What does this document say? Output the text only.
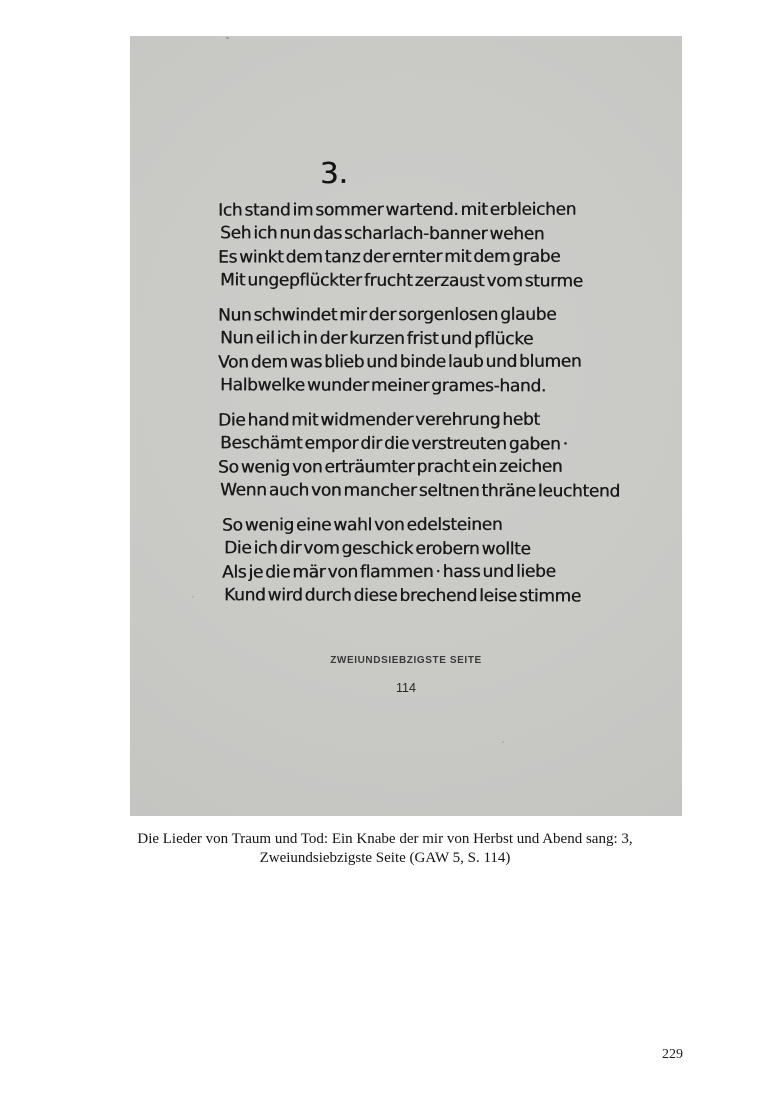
3.
Ich stand im sommer wartend. mit erbleichen
Seh ich nun das scharlach-banner wehen
Es winkt dem tanz der ernter mit dem grabe
Mit ungepflückter frucht zerzaust vom sturme
Nun schwindet mir der sorgenlosen glaube
Nun eil ich in der kurzen frist und pflücke
Von dem was blieb und binde laub und blumen
Halbwelke wunder meiner grames-hand.
Die hand mit widmender verehrung hebt
Beschämt empor dir die verstreuten gaben ·
So wenig von erträumter pracht ein zeichen
Wenn auch von mancher seltnen thräne leuchtend
So wenig eine wahl von edelsteinen
Die ich dir vom geschick erobern wollte
Als je die mär von flammen · hass und liebe
Kund wird durch diese brechend leise stimme
ZWEIUNDSIEBZIGSTE SEITE
114
Die Lieder von Traum und Tod: Ein Knabe der mir von Herbst und Abend sang: 3,
Zweiundsiebzigste Seite (GAW 5, S. 114)
229
